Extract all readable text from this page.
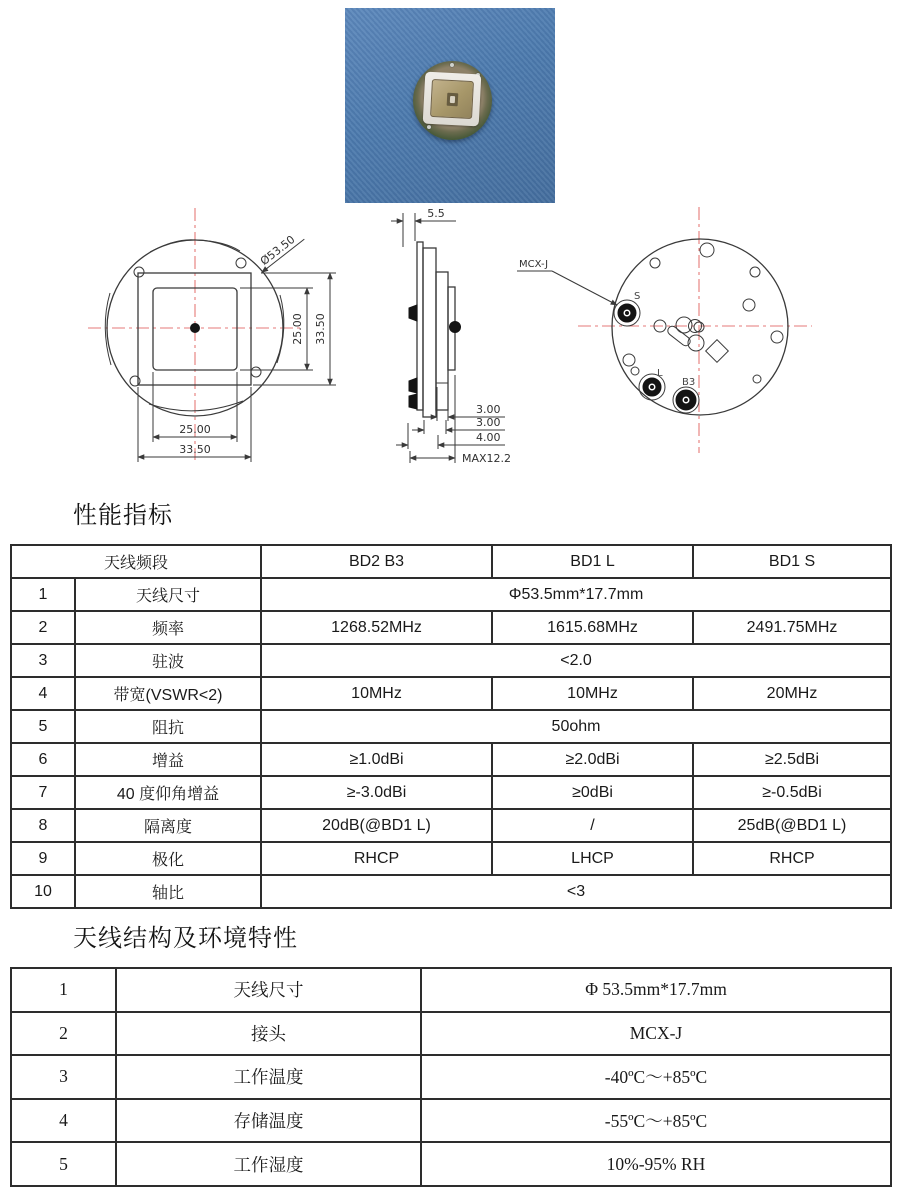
Ø53.50
25.00 33.50
25.00
33.50
5.5
3.00
3.00
4.00
MAX12.2
S
L
B3
MCX-J
性能指标
天线频段		BD2 B3	BD1 L	BD1 S
1	天线尺寸	Φ53.5mm*17.7mm		
2	频率	1268.52MHz	1615.68MHz	2491.75MHz
3	驻波	<2.0		
4	带宽(VSWR<2)	10MHz	10MHz	20MHz
5	阻抗	50ohm		
6	增益	≥1.0dBi	≥2.0dBi	≥2.5dBi
7	40 度仰角增益	≥-3.0dBi	≥0dBi	≥-0.5dBi
8	隔离度	20dB(@BD1 L)	/	25dB(@BD1 L)
9	极化	RHCP	LHCP	RHCP
10	轴比	<3		
天线结构及环境特性
1	天线尺寸	Φ 53.5mm*17.7mm
2	接头	MCX-J
3	工作温度	-40ºC～+85ºC
4	存储温度	-55ºC～+85ºC
5	工作湿度	10%-95% RH
